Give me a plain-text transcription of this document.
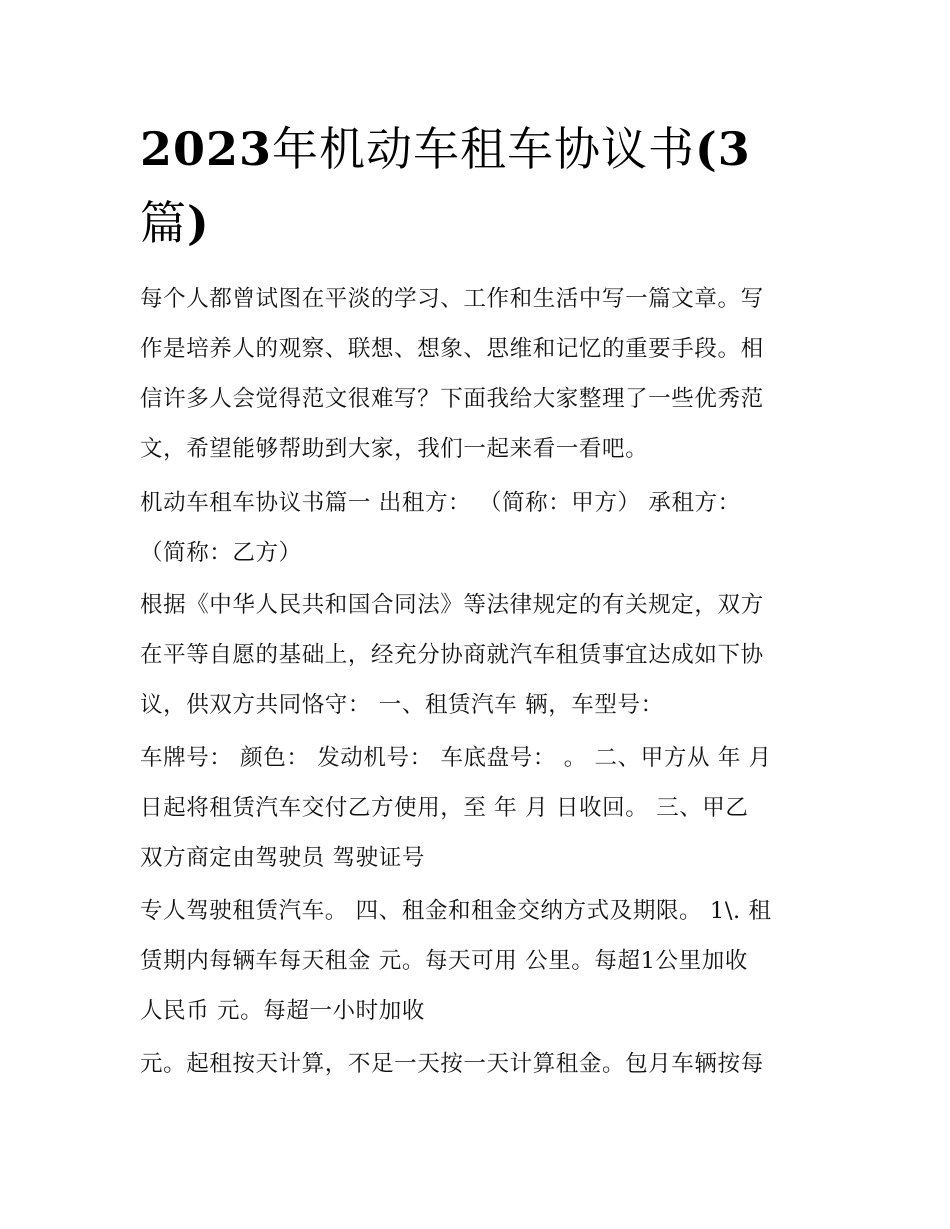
2023年机动车租车协议书(3
篇)
每个人都曾试图在平淡的学习、工作和生活中写一篇文章。写
作是培养人的观察、联想、想象、思维和记忆的重要手段。相
信许多人会觉得范文很难写？下面我给大家整理了一些优秀范
文，希望能够帮助到大家，我们一起来看一看吧。
机动车租车协议书篇一 出租方： （简称：甲方） 承租方：
（简称：乙方）
根据《中华人民共和国合同法》等法律规定的有关规定，双方
在平等自愿的基础上，经充分协商就汽车租赁事宜达成如下协
议，供双方共同恪守： 一、租赁汽车 辆，车型号：
车牌号： 颜色： 发动机号： 车底盘号： 。 二、甲方从 年 月
日起将租赁汽车交付乙方使用，至 年 月 日收回。 三、甲乙
双方商定由驾驶员 驾驶证号
专人驾驶租赁汽车。 四、租金和租金交纳方式及期限。 1\. 租
赁期内每辆车每天租金 元。每天可用 公里。每超1公里加收
人民币 元。每超一小时加收
元。起租按天计算，不足一天按一天计算租金。包月车辆按每
